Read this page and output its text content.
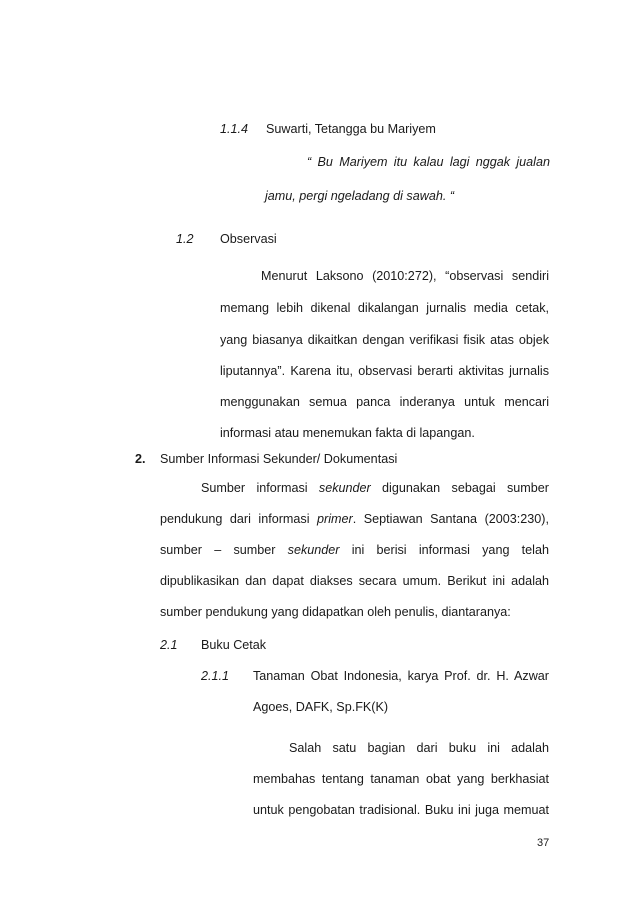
1.1.4 Suwarti, Tetangga bu Mariyem
“ Bu Mariyem itu kalau lagi nggak jualan
jamu, pergi ngeladang di sawah. “
1.2 Observasi
Menurut Laksono (2010:272), “observasi sendiri
memang lebih dikenal dikalangan jurnalis media cetak,
yang biasanya dikaitkan dengan verifikasi fisik atas objek
liputannya”. Karena itu, observasi berarti aktivitas jurnalis
menggunakan semua panca inderanya untuk mencari
informasi atau menemukan fakta di lapangan.
2. Sumber Informasi Sekunder/ Dokumentasi
Sumber informasi sekunder digunakan sebagai sumber
pendukung dari informasi primer. Septiawan Santana (2003:230),
sumber – sumber sekunder ini berisi informasi yang telah
dipublikasikan dan dapat diakses secara umum. Berikut ini adalah
sumber pendukung yang didapatkan oleh penulis, diantaranya:
2.1 Buku Cetak
2.1.1 Tanaman Obat Indonesia, karya Prof. dr. H. Azwar
Agoes, DAFK, Sp.FK(K)
Salah satu bagian dari buku ini adalah
membahas tentang tanaman obat yang berkhasiat
untuk pengobatan tradisional. Buku ini juga memuat
37
